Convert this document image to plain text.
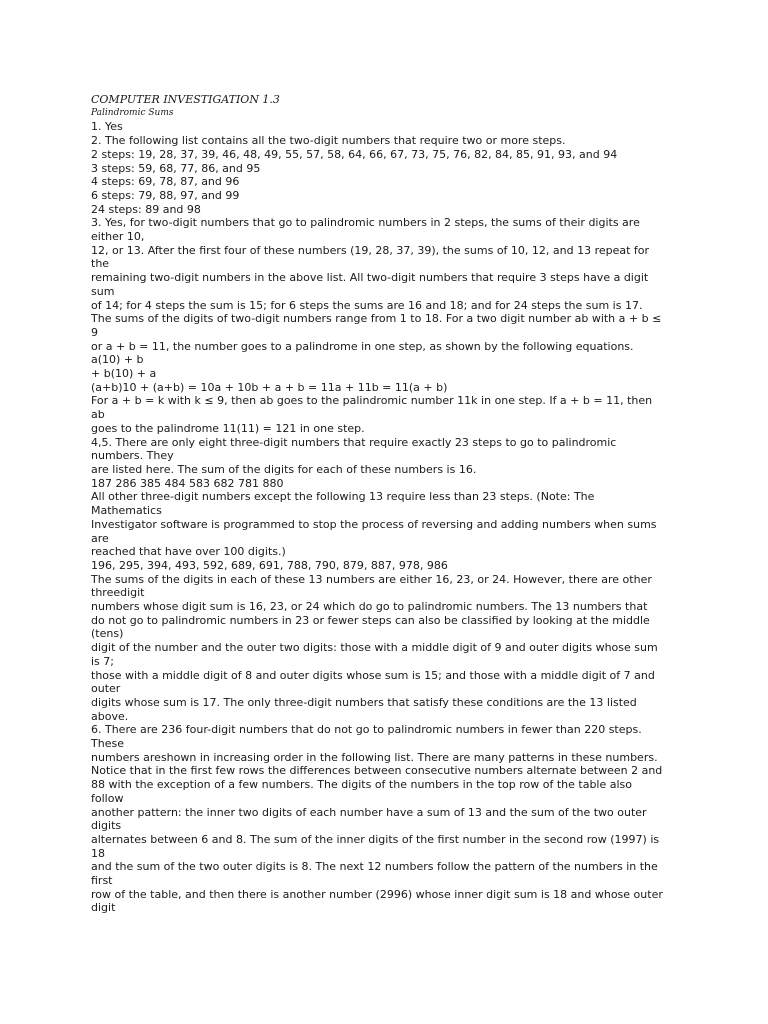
COMPUTER INVESTIGATION 1.3
Palindromic Sums
1. Yes
2. The following list contains all the two-digit numbers that require two or more steps.
2 steps: 19, 28, 37, 39, 46, 48, 49, 55, 57, 58, 64, 66, 67, 73, 75, 76, 82, 84, 85, 91, 93, and 94
3 steps: 59, 68, 77, 86, and 95
4 steps: 69, 78, 87, and 96
6 steps: 79, 88, 97, and 99
24 steps: 89 and 98
3. Yes, for two-digit numbers that go to palindromic numbers in 2 steps, the sums of their digits are
either 10,
12, or 13. After the first four of these numbers (19, 28, 37, 39), the sums of 10, 12, and 13 repeat for
the
remaining two-digit numbers in the above list. All two-digit numbers that require 3 steps have a digit
sum
of 14; for 4 steps the sum is 15; for 6 steps the sums are 16 and 18; and for 24 steps the sum is 17.
The sums of the digits of two-digit numbers range from 1 to 18. For a two digit number ab with a + b ≤
9
or a + b = 11, the number goes to a palindrome in one step, as shown by the following equations.
a(10) + b
+ b(10) + a
(a+b)10 + (a+b) = 10a + 10b + a + b = 11a + 11b = 11(a + b)
For a + b = k with k ≤ 9, then ab goes to the palindromic number 11k in one step. If a + b = 11, then
ab
goes to the palindrome 11(11) = 121 in one step.
4,5. There are only eight three-digit numbers that require exactly 23 steps to go to palindromic
numbers. They
are listed here. The sum of the digits for each of these numbers is 16.
187 286 385 484 583 682 781 880
All other three-digit numbers except the following 13 require less than 23 steps. (Note: The
Mathematics
Investigator software is programmed to stop the process of reversing and adding numbers when sums
are
reached that have over 100 digits.)
196, 295, 394, 493, 592, 689, 691, 788, 790, 879, 887, 978, 986
The sums of the digits in each of these 13 numbers are either 16, 23, or 24. However, there are other
threedigit
numbers whose digit sum is 16, 23, or 24 which do go to palindromic numbers. The 13 numbers that
do not go to palindromic numbers in 23 or fewer steps can also be classified by looking at the middle
(tens)
digit of the number and the outer two digits: those with a middle digit of 9 and outer digits whose sum
is 7;
those with a middle digit of 8 and outer digits whose sum is 15; and those with a middle digit of 7 and
outer
digits whose sum is 17. The only three-digit numbers that satisfy these conditions are the 13 listed
above.
6. There are 236 four-digit numbers that do not go to palindromic numbers in fewer than 220 steps.
These
numbers areshown in increasing order in the following list. There are many patterns in these numbers.
Notice that in the first few rows the differences between consecutive numbers alternate between 2 and
88 with the exception of a few numbers. The digits of the numbers in the top row of the table also
follow
another pattern: the inner two digits of each number have a sum of 13 and the sum of the two outer
digits
alternates between 6 and 8. The sum of the inner digits of the first number in the second row (1997) is
18
and the sum of the two outer digits is 8. The next 12 numbers follow the pattern of the numbers in the
first
row of the table, and then there is another number (2996) whose inner digit sum is 18 and whose outer
digit
